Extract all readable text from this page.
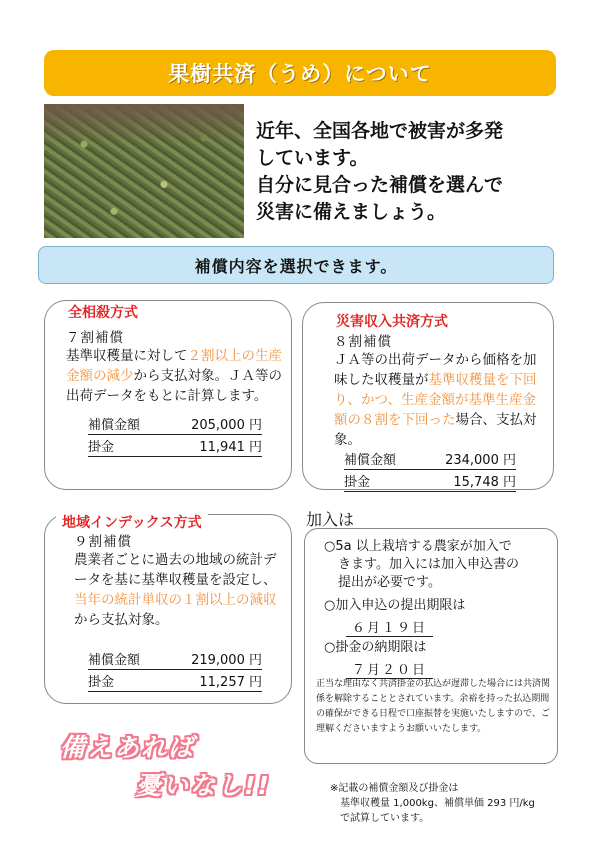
果樹共済（うめ）について
近年、全国各地で被害が多発
しています。
自分に見合った補償を選んで
災害に備えましょう。
補償内容を選択できます。
全相殺方式
７割補償
基準収穫量に対して２割以上の生産金額の減少から支払対象。ＪＡ等の出荷データをもとに計算します。
補償金額	205,000 円
掛金	11,941 円
災害収入共済方式
８割補償
ＪＡ等の出荷データから価格を加味した収穫量が基準収穫量を下回り、かつ、生産金額が基準生産金額の８割を下回った場合、支払対象。
補償金額	234,000 円
掛金	15,748 円
地域インデックス方式
９割補償
農業者ごとに過去の地域の統計データを基に基準収穫量を設定し、当年の統計単収の１割以上の減収から支払対象。
補償金額	219,000 円
掛金	11,257 円
加入は
○5a 以上栽培する農家が加入で
きます。加入には加入申込書の
提出が必要です。
○加入申込の提出期限は
６月１９日
○掛金の納期限は
７月２０日
正当な理由なく共済掛金の払込が遅滞した場合には共済関係を解除することとされています。余裕を持った払込期間の確保ができる日程で口座振替を実施いたしますので、ご理解くださいますようお願いいたします。
備えあれば
憂いなし!!	※記載の補償金額及び掛金は
基準収穫量 1,000kg、補償単価 293 円/kg
で試算しています。
